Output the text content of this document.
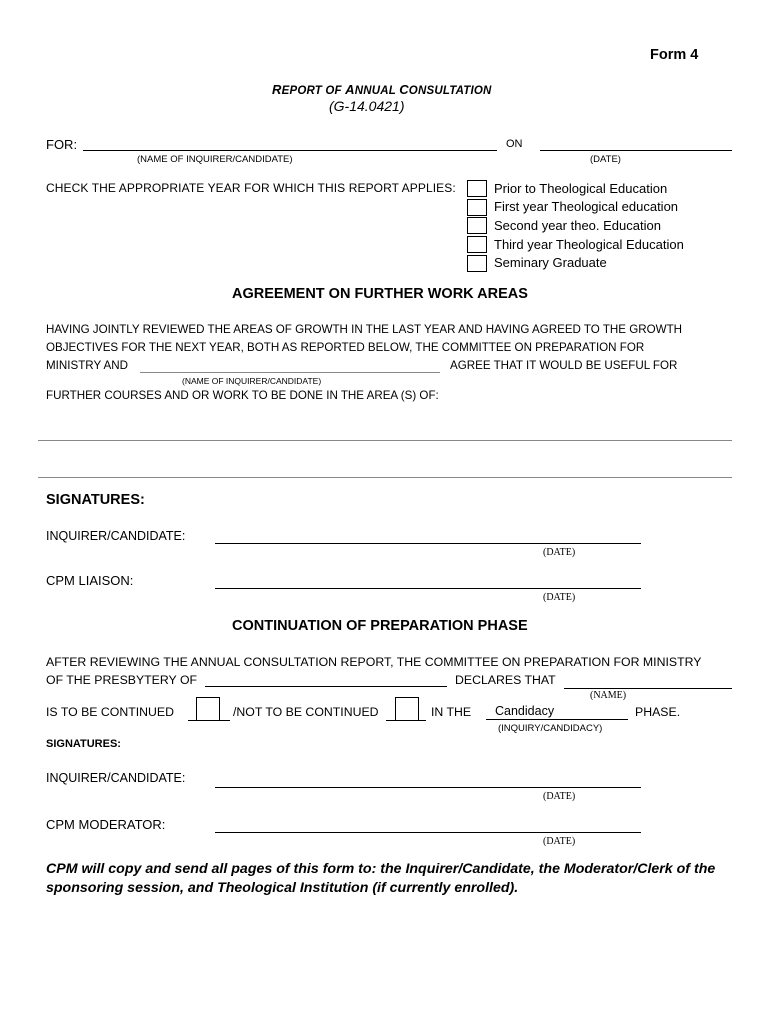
Form 4
REPORT OF ANNUAL CONSULTATION
(G-14.0421)
FOR:	ON
(NAME OF INQUIRER/CANDIDATE)	(DATE)
CHECK THE APPROPRIATE YEAR FOR WHICH THIS REPORT APPLIES:	Prior to Theological Education
First year Theological education
Second year theo. Education
Third year Theological Education
Seminary Graduate
AGREEMENT ON FURTHER WORK AREAS
HAVING JOINTLY REVIEWED THE AREAS OF GROWTH IN THE LAST YEAR AND HAVING AGREED TO THE GROWTH
OBJECTIVES FOR THE NEXT YEAR, BOTH AS REPORTED BELOW, THE COMMITTEE ON PREPARATION FOR
MINISTRY AND	AGREE THAT IT WOULD BE USEFUL FOR
(NAME OF INQUIRER/CANDIDATE)
FURTHER COURSES AND OR WORK TO BE DONE IN THE AREA (S) OF:
SIGNATURES:
INQUIRER/CANDIDATE:
(DATE)
CPM LIAISON:
(DATE)
CONTINUATION OF PREPARATION PHASE
AFTER REVIEWING THE ANNUAL CONSULTATION REPORT, THE COMMITTEE ON PREPARATION FOR MINISTRY
OF THE PRESBYTERY OF	DECLARES THAT
(NAME)
IS TO BE CONTINUED	/NOT TO BE CONTINUED	IN THE Candidacy	PHASE.
(INQUIRY/CANDIDACY)
SIGNATURES:
INQUIRER/CANDIDATE:
(DATE)
CPM MODERATOR:
(DATE)
CPM will copy and send all pages of this form to: the Inquirer/Candidate, the Moderator/Clerk of the sponsoring session, and Theological Institution (if currently enrolled).
